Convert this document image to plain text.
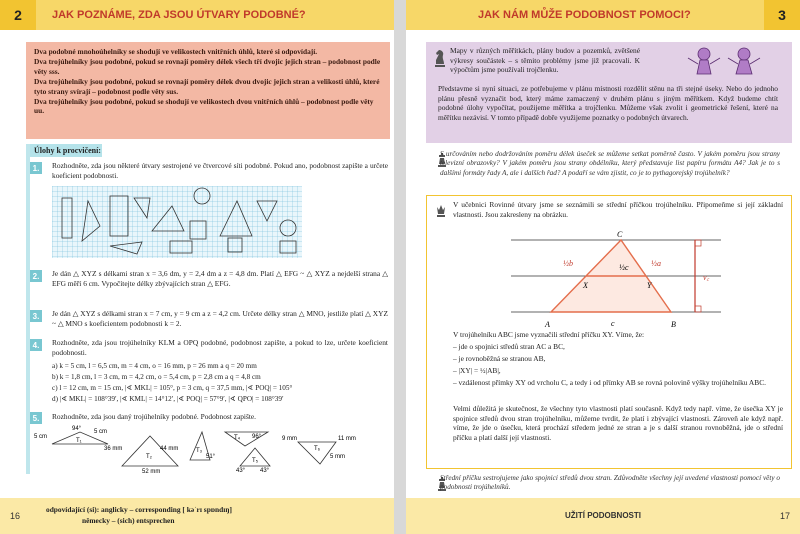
2	JAK POZNÁME, ZDA JSOU ÚTVARY PODOBNÉ?

Dva podobné mnohoúhelníky se shodují ve velikostech vnitřních úhlů, které si odpovídají.

Dva trojúhelníky jsou podobné, pokud se rovnají poměry délek všech tří dvojic jejich stran – podobnost podle věty sss.

Dva trojúhelníky jsou podobné, pokud se rovnají poměry délek dvou dvojic jejich stran a velikosti úhlů, které tyto strany svírají – podobnost podle věty sus.

Dva trojúhelníky jsou podobné, pokud se shodují ve velikostech dvou vnitřních úhlů – podobnost podle věty uu.

Úlohy k procvičení:
1.	Rozhodněte, zda jsou některé útvary sestrojené ve čtvercové síti podobné. Pokud ano, podobnost zapište a určete koeficient podobnosti.
2.	Je dán △ XYZ s délkami stran x = 3,6 dm, y = 2,4 dm a z = 4,8 dm. Platí △ EFG ~ △ XYZ a nejdelší strana △ EFG měří 6 cm. Vypočítejte délky zbývajících stran △ EFG.
3.	Je dán △ XYZ s délkami stran x = 7 cm, y = 9 cm a z = 4,2 cm. Určete délky stran △ MNO, jestliže platí △ XYZ ~ △ MNO s koeficientem podobnosti k = 2.
4.	Rozhodněte, zda jsou trojúhelníky KLM a OPQ podobné, podobnost zapište, a pokud to lze, určete koeficient podobnosti.
a) k = 5 cm, l = 6,5 cm, m = 4 cm, o = 16 mm, p = 26 mm a q = 20 mm
b) k = 1,8 cm, l = 3 cm, m = 4,2 cm, o = 5,4 cm, p = 2,8 cm a q = 4,8 cm
c) l = 12 cm, m = 15 cm, |∢ MKL| = 105°, p = 3 cm, q = 37,5 mm, |∢ POQ| = 105°
d) |∢ MKL| = 108°39′, |∢ KML| = 14°12′, |∢ POQ| = 57°9′, |∢ QPO| = 108°39′
5.	Rozhodněte, zda jsou daný trojúhelníky podobné. Podobnost zapište.
5 cm
5 cm
94°
T₁
36 mm	44 mm
52 mm
T₂
T₃
51°
T₄ 96°
T₅
43° 43°
9 mm	11 mm
5 mm
T₆
16
odpovídající (si): anglicky – corresponding [ kəˈrɪ spɒndɪŋ]
německy – (sich) entsprechen
JAK NÁM MŮŽE PODOBNOST POMOCI?	3
Mapy v různých měřítkách, plány budov a pozemků, zvětšené výkresy součástek – s těmito problémy jsme již pracovali. K výpočtům jsme používali trojčlenku.
Představme si nyní situaci, ze potřebujeme v plánu místnosti rozdělit stěnu na tři stejné úseky. Nebo do jednoho plánu přesně vyznačit bod, který máme zamaczený v druhém plánu s jiným měřítkem. Když budeme chtít podobné úlohy vypočítat, použijeme měřítka a trojčlenku. Můžeme však zvolit i geometrické řešení, které na měřítku nezávisí. V tomto případě dobře využijeme poznatky o podobných útvarech.
S určováním nebo dodržováním poměru délek úseček se můžeme setkat poměrně často. V jakém poměru jsou strany televizní obrazovky? V jakém poměru jsou strany obdélníku, který představuje list papíru formátu A4? Jak je to s dalšími formáty řady A, ale i dalších řad? A podaří se vám zjistit, co je to pythagorejský trojúhelník?
V učebnici Rovinné útvary jsme se seznámili se střední příčkou trojúhelníku. Připomeňme si její základní vlastnosti. Jsou zakresleny na obrázku.
C
A	B
X	Y
½c
c
½b	½a
v꜀
V trojúhelníku ABC jsme vyznačili střední příčku XY. Víme, že:
– jde o spojnici středů stran AC a BC,
– je rovnoběžná se stranou AB,
– |XY| = ½|AB|,
– vzdálenost přímky XY od vrcholu C, a tedy i od přímky AB se rovná polovině výšky trojúhelníku ABC.
Velmi důležitá je skutečnost, že všechny tyto vlastnosti platí současně. Když tedy např. víme, že úsečka XY je spojnice středů dvou stran trojúhelníku, můžeme tvrdit, že platí i zbývající vlastnosti. Zároveň ale když např. víme, že jde o úsečku, která prochází středem jedné ze stran a je s další stranou rovnoběžná, jde o střední příčku a platí další její vlastnosti.
Střední příčku sestrojujeme jako spojnici středů dvou stran. Zdůvodněte všechny její uvedené vlastnosti pomocí věty o podobnosti trojúhelníků.
UŽITÍ PODOBNOSTI	17
